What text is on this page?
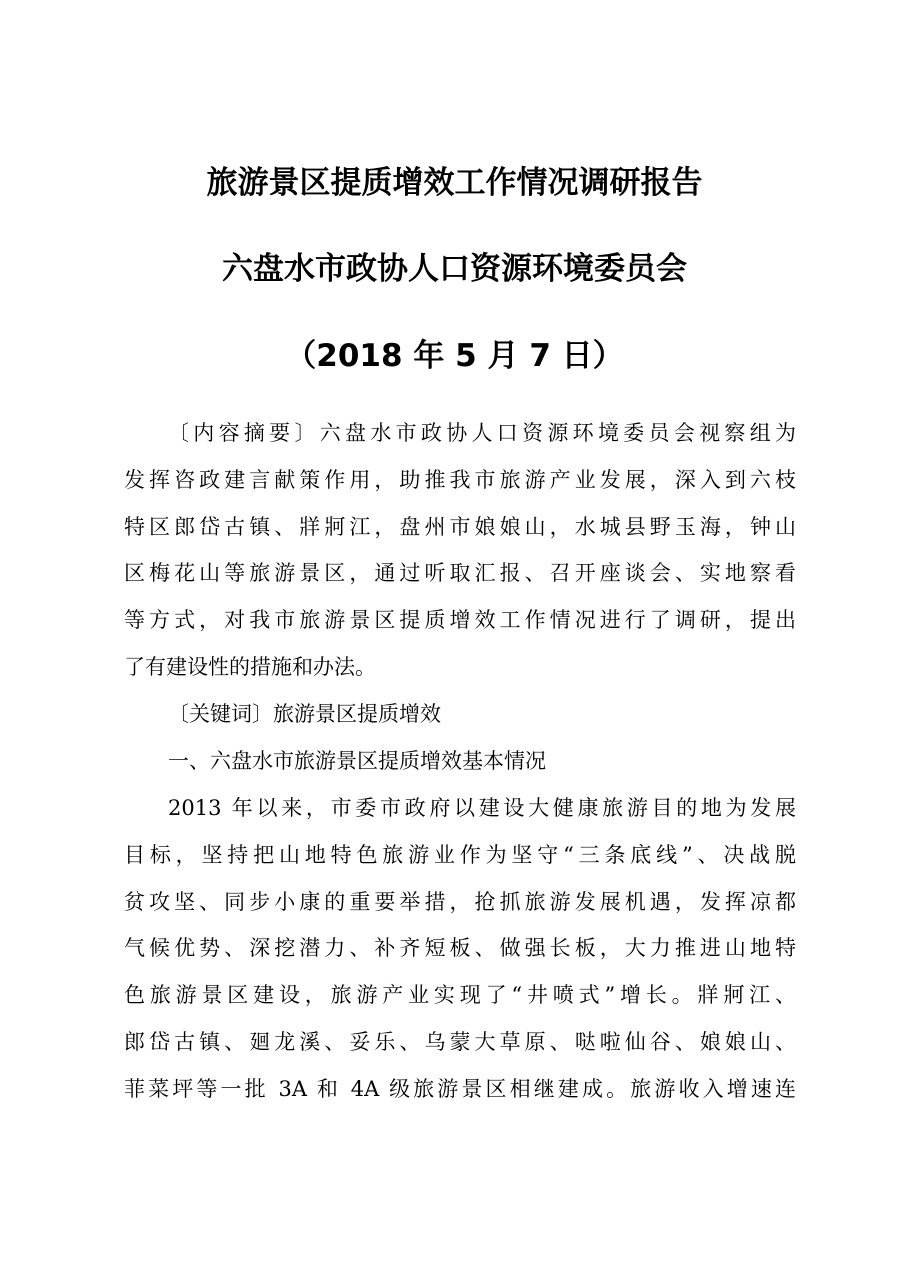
旅游景区提质增效工作情况调研报告
六盘水市政协人口资源环境委员会
（2018 年 5 月 7 日）
〔内容摘要〕六盘水市政协人口资源环境委员会视察组为
发挥咨政建言献策作用，助推我市旅游产业发展，深入到六枝
特区郎岱古镇、牂牁江，盘州市娘娘山，水城县野玉海，钟山
区梅花山等旅游景区，通过听取汇报、召开座谈会、实地察看
等方式，对我市旅游景区提质增效工作情况进行了调研，提出
了有建设性的措施和办法。
〔关键词〕旅游景区提质增效
一、六盘水市旅游景区提质增效基本情况
2013 年以来，市委市政府以建设大健康旅游目的地为发展
目标，坚持把山地特色旅游业作为坚守“三条底线”、决战脱
贫攻坚、同步小康的重要举措，抢抓旅游发展机遇，发挥凉都
气候优势、深挖潜力、补齐短板、做强长板，大力推进山地特
色旅游景区建设，旅游产业实现了“井喷式”增长。牂牁江、
郎岱古镇、廻龙溪、妥乐、乌蒙大草原、哒啦仙谷、娘娘山、
菲菜坪等一批 3A 和 4A 级旅游景区相继建成。旅游收入增速连
